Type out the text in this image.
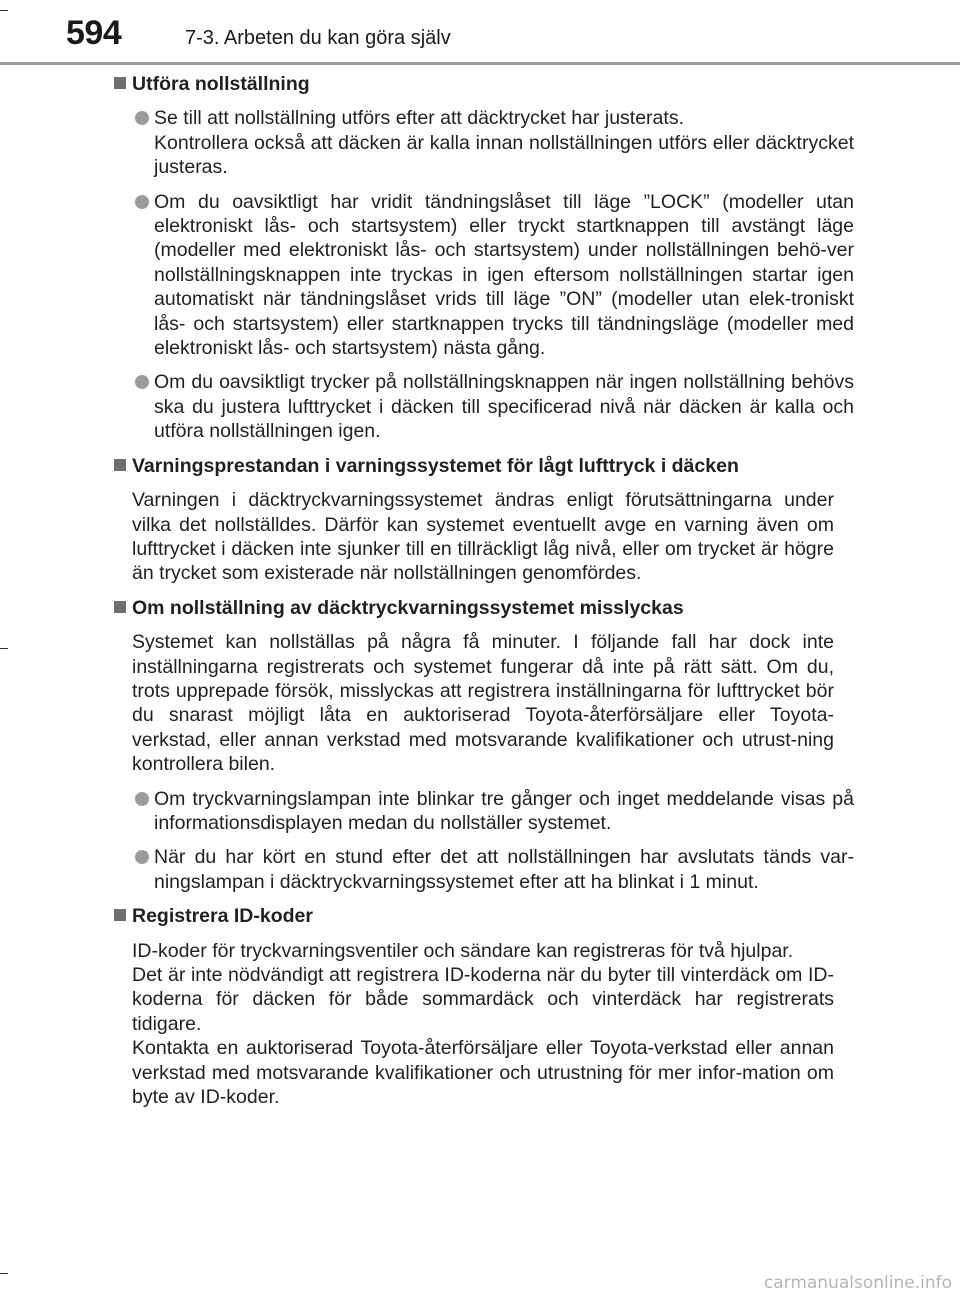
594	7-3. Arbeten du kan göra själv
Utföra nollställning
Se till att nollställning utförs efter att däcktrycket har justerats.
Kontrollera också att däcken är kalla innan nollställningen utförs eller däcktrycket justeras.
Om du oavsiktligt har vridit tändningslåset till läge ”LOCK” (modeller utan elektroniskt lås- och startsystem) eller tryckt startknappen till avstängt läge (modeller med elektroniskt lås- och startsystem) under nollställningen behö-ver nollställningsknappen inte tryckas in igen eftersom nollställningen startar igen automatiskt när tändningslåset vrids till läge ”ON” (modeller utan elek-troniskt lås- och startsystem) eller startknappen trycks till tändningsläge (modeller med elektroniskt lås- och startsystem) nästa gång.
Om du oavsiktligt trycker på nollställningsknappen när ingen nollställning behövs ska du justera lufttrycket i däcken till specificerad nivå när däcken är kalla och utföra nollställningen igen.
Varningsprestandan i varningssystemet för lågt lufttryck i däcken
Varningen i däcktryckvarningssystemet ändras enligt förutsättningarna under vilka det nollställdes. Därför kan systemet eventuellt avge en varning även om lufttrycket i däcken inte sjunker till en tillräckligt låg nivå, eller om trycket är högre än trycket som existerade när nollställningen genomfördes.
Om nollställning av däcktryckvarningssystemet misslyckas
Systemet kan nollställas på några få minuter. I följande fall har dock inte inställningarna registrerats och systemet fungerar då inte på rätt sätt. Om du, trots upprepade försök, misslyckas att registrera inställningarna för lufttrycket bör du snarast möjligt låta en auktoriserad Toyota-återförsäljare eller Toyota-verkstad, eller annan verkstad med motsvarande kvalifikationer och utrust-ning kontrollera bilen.
Om tryckvarningslampan inte blinkar tre gånger och inget meddelande visas på informationsdisplayen medan du nollställer systemet.
När du har kört en stund efter det att nollställningen har avslutats tänds var-ningslampan i däcktryckvarningssystemet efter att ha blinkat i 1 minut.
Registrera ID-koder
ID-koder för tryckvarningsventiler och sändare kan registreras för två hjulpar.
Det är inte nödvändigt att registrera ID-koderna när du byter till vinterdäck om ID-koderna för däcken för både sommardäck och vinterdäck har registrerats tidigare.
Kontakta en auktoriserad Toyota-återförsäljare eller Toyota-verkstad eller annan verkstad med motsvarande kvalifikationer och utrustning för mer infor-mation om byte av ID-koder.
carmanualsonline.info
